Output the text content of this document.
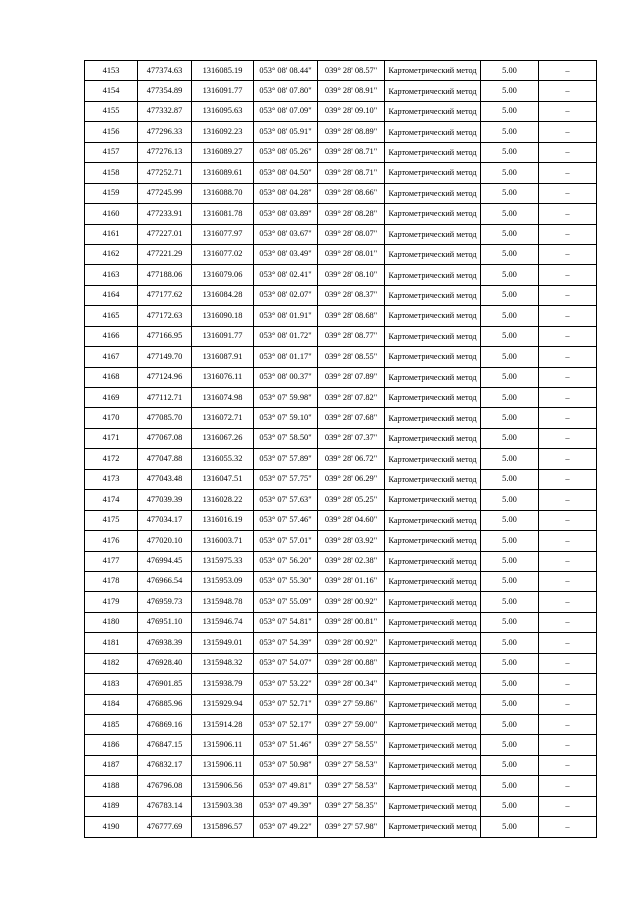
4153	477374.63	1316085.19	053° 08' 08.44"	039° 28' 08.57"	Картометрический метод	5.00	–
4154	477354.89	1316091.77	053° 08' 07.80"	039° 28' 08.91"	Картометрический метод	5.00	–
4155	477332.87	1316095.63	053° 08' 07.09"	039° 28' 09.10"	Картометрический метод	5.00	–
4156	477296.33	1316092.23	053° 08' 05.91"	039° 28' 08.89"	Картометрический метод	5.00	–
4157	477276.13	1316089.27	053° 08' 05.26"	039° 28' 08.71"	Картометрический метод	5.00	–
4158	477252.71	1316089.61	053° 08' 04.50"	039° 28' 08.71"	Картометрический метод	5.00	–
4159	477245.99	1316088.70	053° 08' 04.28"	039° 28' 08.66"	Картометрический метод	5.00	–
4160	477233.91	1316081.78	053° 08' 03.89"	039° 28' 08.28"	Картометрический метод	5.00	–
4161	477227.01	1316077.97	053° 08' 03.67"	039° 28' 08.07"	Картометрический метод	5.00	–
4162	477221.29	1316077.02	053° 08' 03.49"	039° 28' 08.01"	Картометрический метод	5.00	–
4163	477188.06	1316079.06	053° 08' 02.41"	039° 28' 08.10"	Картометрический метод	5.00	–
4164	477177.62	1316084.28	053° 08' 02.07"	039° 28' 08.37"	Картометрический метод	5.00	–
4165	477172.63	1316090.18	053° 08' 01.91"	039° 28' 08.68"	Картометрический метод	5.00	–
4166	477166.95	1316091.77	053° 08' 01.72"	039° 28' 08.77"	Картометрический метод	5.00	–
4167	477149.70	1316087.91	053° 08' 01.17"	039° 28' 08.55"	Картометрический метод	5.00	–
4168	477124.96	1316076.11	053° 08' 00.37"	039° 28' 07.89"	Картометрический метод	5.00	–
4169	477112.71	1316074.98	053° 07' 59.98"	039° 28' 07.82"	Картометрический метод	5.00	–
4170	477085.70	1316072.71	053° 07' 59.10"	039° 28' 07.68"	Картометрический метод	5.00	–
4171	477067.08	1316067.26	053° 07' 58.50"	039° 28' 07.37"	Картометрический метод	5.00	–
4172	477047.88	1316055.32	053° 07' 57.89"	039° 28' 06.72"	Картометрический метод	5.00	–
4173	477043.48	1316047.51	053° 07' 57.75"	039° 28' 06.29"	Картометрический метод	5.00	–
4174	477039.39	1316028.22	053° 07' 57.63"	039° 28' 05.25"	Картометрический метод	5.00	–
4175	477034.17	1316016.19	053° 07' 57.46"	039° 28' 04.60"	Картометрический метод	5.00	–
4176	477020.10	1316003.71	053° 07' 57.01"	039° 28' 03.92"	Картометрический метод	5.00	–
4177	476994.45	1315975.33	053° 07' 56.20"	039° 28' 02.38"	Картометрический метод	5.00	–
4178	476966.54	1315953.09	053° 07' 55.30"	039° 28' 01.16"	Картометрический метод	5.00	–
4179	476959.73	1315948.78	053° 07' 55.09"	039° 28' 00.92"	Картометрический метод	5.00	–
4180	476951.10	1315946.74	053° 07' 54.81"	039° 28' 00.81"	Картометрический метод	5.00	–
4181	476938.39	1315949.01	053° 07' 54.39"	039° 28' 00.92"	Картометрический метод	5.00	–
4182	476928.40	1315948.32	053° 07' 54.07"	039° 28' 00.88"	Картометрический метод	5.00	–
4183	476901.85	1315938.79	053° 07' 53.22"	039° 28' 00.34"	Картометрический метод	5.00	–
4184	476885.96	1315929.94	053° 07' 52.71"	039° 27' 59.86"	Картометрический метод	5.00	–
4185	476869.16	1315914.28	053° 07' 52.17"	039° 27' 59.00"	Картометрический метод	5.00	–
4186	476847.15	1315906.11	053° 07' 51.46"	039° 27' 58.55"	Картометрический метод	5.00	–
4187	476832.17	1315906.11	053° 07' 50.98"	039° 27' 58.53"	Картометрический метод	5.00	–
4188	476796.08	1315906.56	053° 07' 49.81"	039° 27' 58.53"	Картометрический метод	5.00	–
4189	476783.14	1315903.38	053° 07' 49.39"	039° 27' 58.35"	Картометрический метод	5.00	–
4190	476777.69	1315896.57	053° 07' 49.22"	039° 27' 57.98"	Картометрический метод	5.00	–
